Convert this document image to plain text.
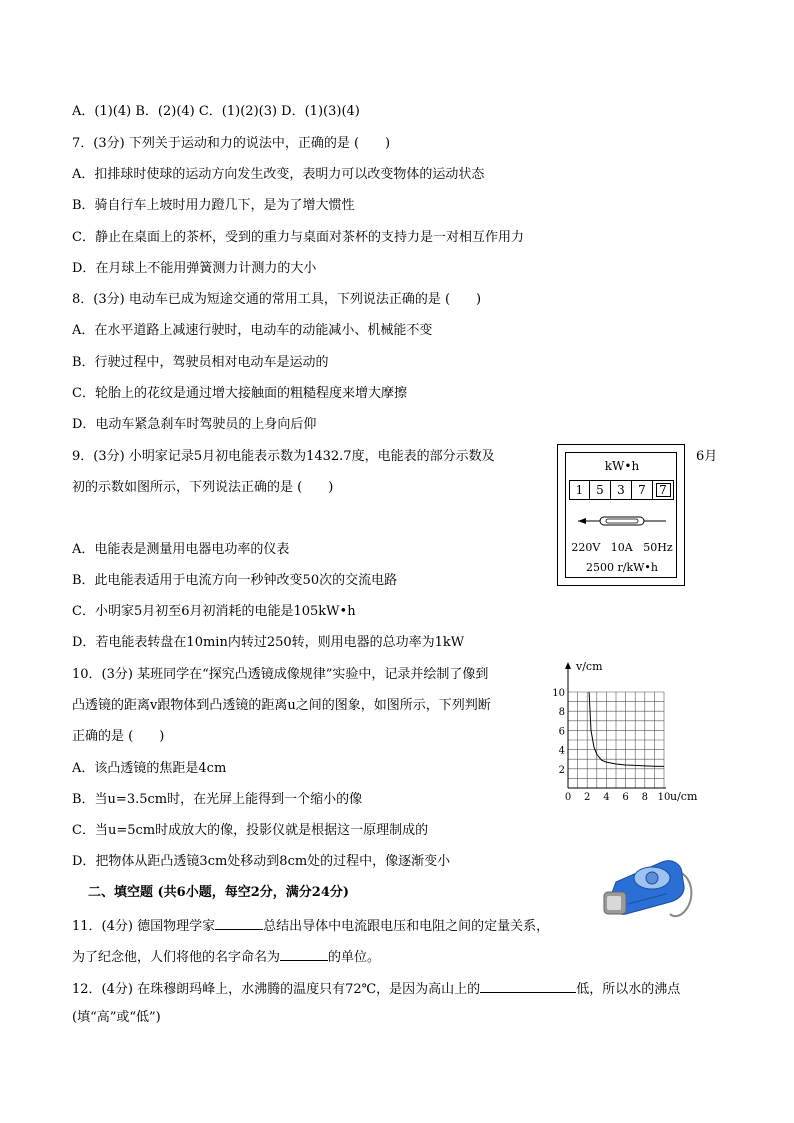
A．(1)(4) B．(2)(4) C．(1)(2)(3) D．(1)(3)(4)
7．(3分) 下列关于运动和力的说法中，正确的是 (　　)
A．扣排球时使球的运动方向发生改变，表明力可以改变物体的运动状态
B．骑自行车上坡时用力蹬几下，是为了增大惯性
C．静止在桌面上的茶杯，受到的重力与桌面对茶杯的支持力是一对相互作用力
D．在月球上不能用弹簧测力计测力的大小
8．(3分) 电动车已成为短途交通的常用工具，下列说法正确的是 (　　)
A．在水平道路上减速行驶时，电动车的动能减小、机械能不变
B．行驶过程中，驾驶员相对电动车是运动的
C．轮胎上的花纹是通过增大接触面的粗糙程度来增大摩擦
D．电动车紧急刹车时驾驶员的上身向后仰
9．(3分) 小明家记录5月初电能表示数为1432.7度，电能表的部分示数及	6月
初的示数如图所示，下列说法正确的是 (　　)
A．电能表是测量用电器电功率的仪表
B．此电能表适用于电流方向一秒钟改变50次的交流电路
C．小明家5月初至6月初消耗的电能是105kW•h
D．若电能表转盘在10min内转过250转，则用电器的总功率为1kW
10．(3分) 某班同学在“探究凸透镜成像规律”实验中，记录并绘制了像到
凸透镜的距离v跟物体到凸透镜的距离u之间的图象，如图所示，下列判断
正确的是 (　　)
A．该凸透镜的焦距是4cm
B．当u=3.5cm时，在光屏上能得到一个缩小的像
C．当u=5cm时成放大的像，投影仪就是根据这一原理制成的
D．把物体从距凸透镜3cm处移动到8cm处的过程中，像逐渐变小
二、填空题 (共6小题，每空2分，满分24分)
11．(4分) 德国物理学家	总结出导体中电流跟电压和电阻之间的定量关系，
为了纪念他，人们将他的名字命名为	的单位。
12．(4分) 在珠穆朗玛峰上，水沸腾的温度只有72℃，是因为高山上的	低，所以水的沸点
(填“高”或“低”)
kW•h
1	5	3	7	7
220V   10A   50Hz
2500 r/kW•h
10
8
6
4
2
0 2 4 6 8 10
v/cm
u/cm
